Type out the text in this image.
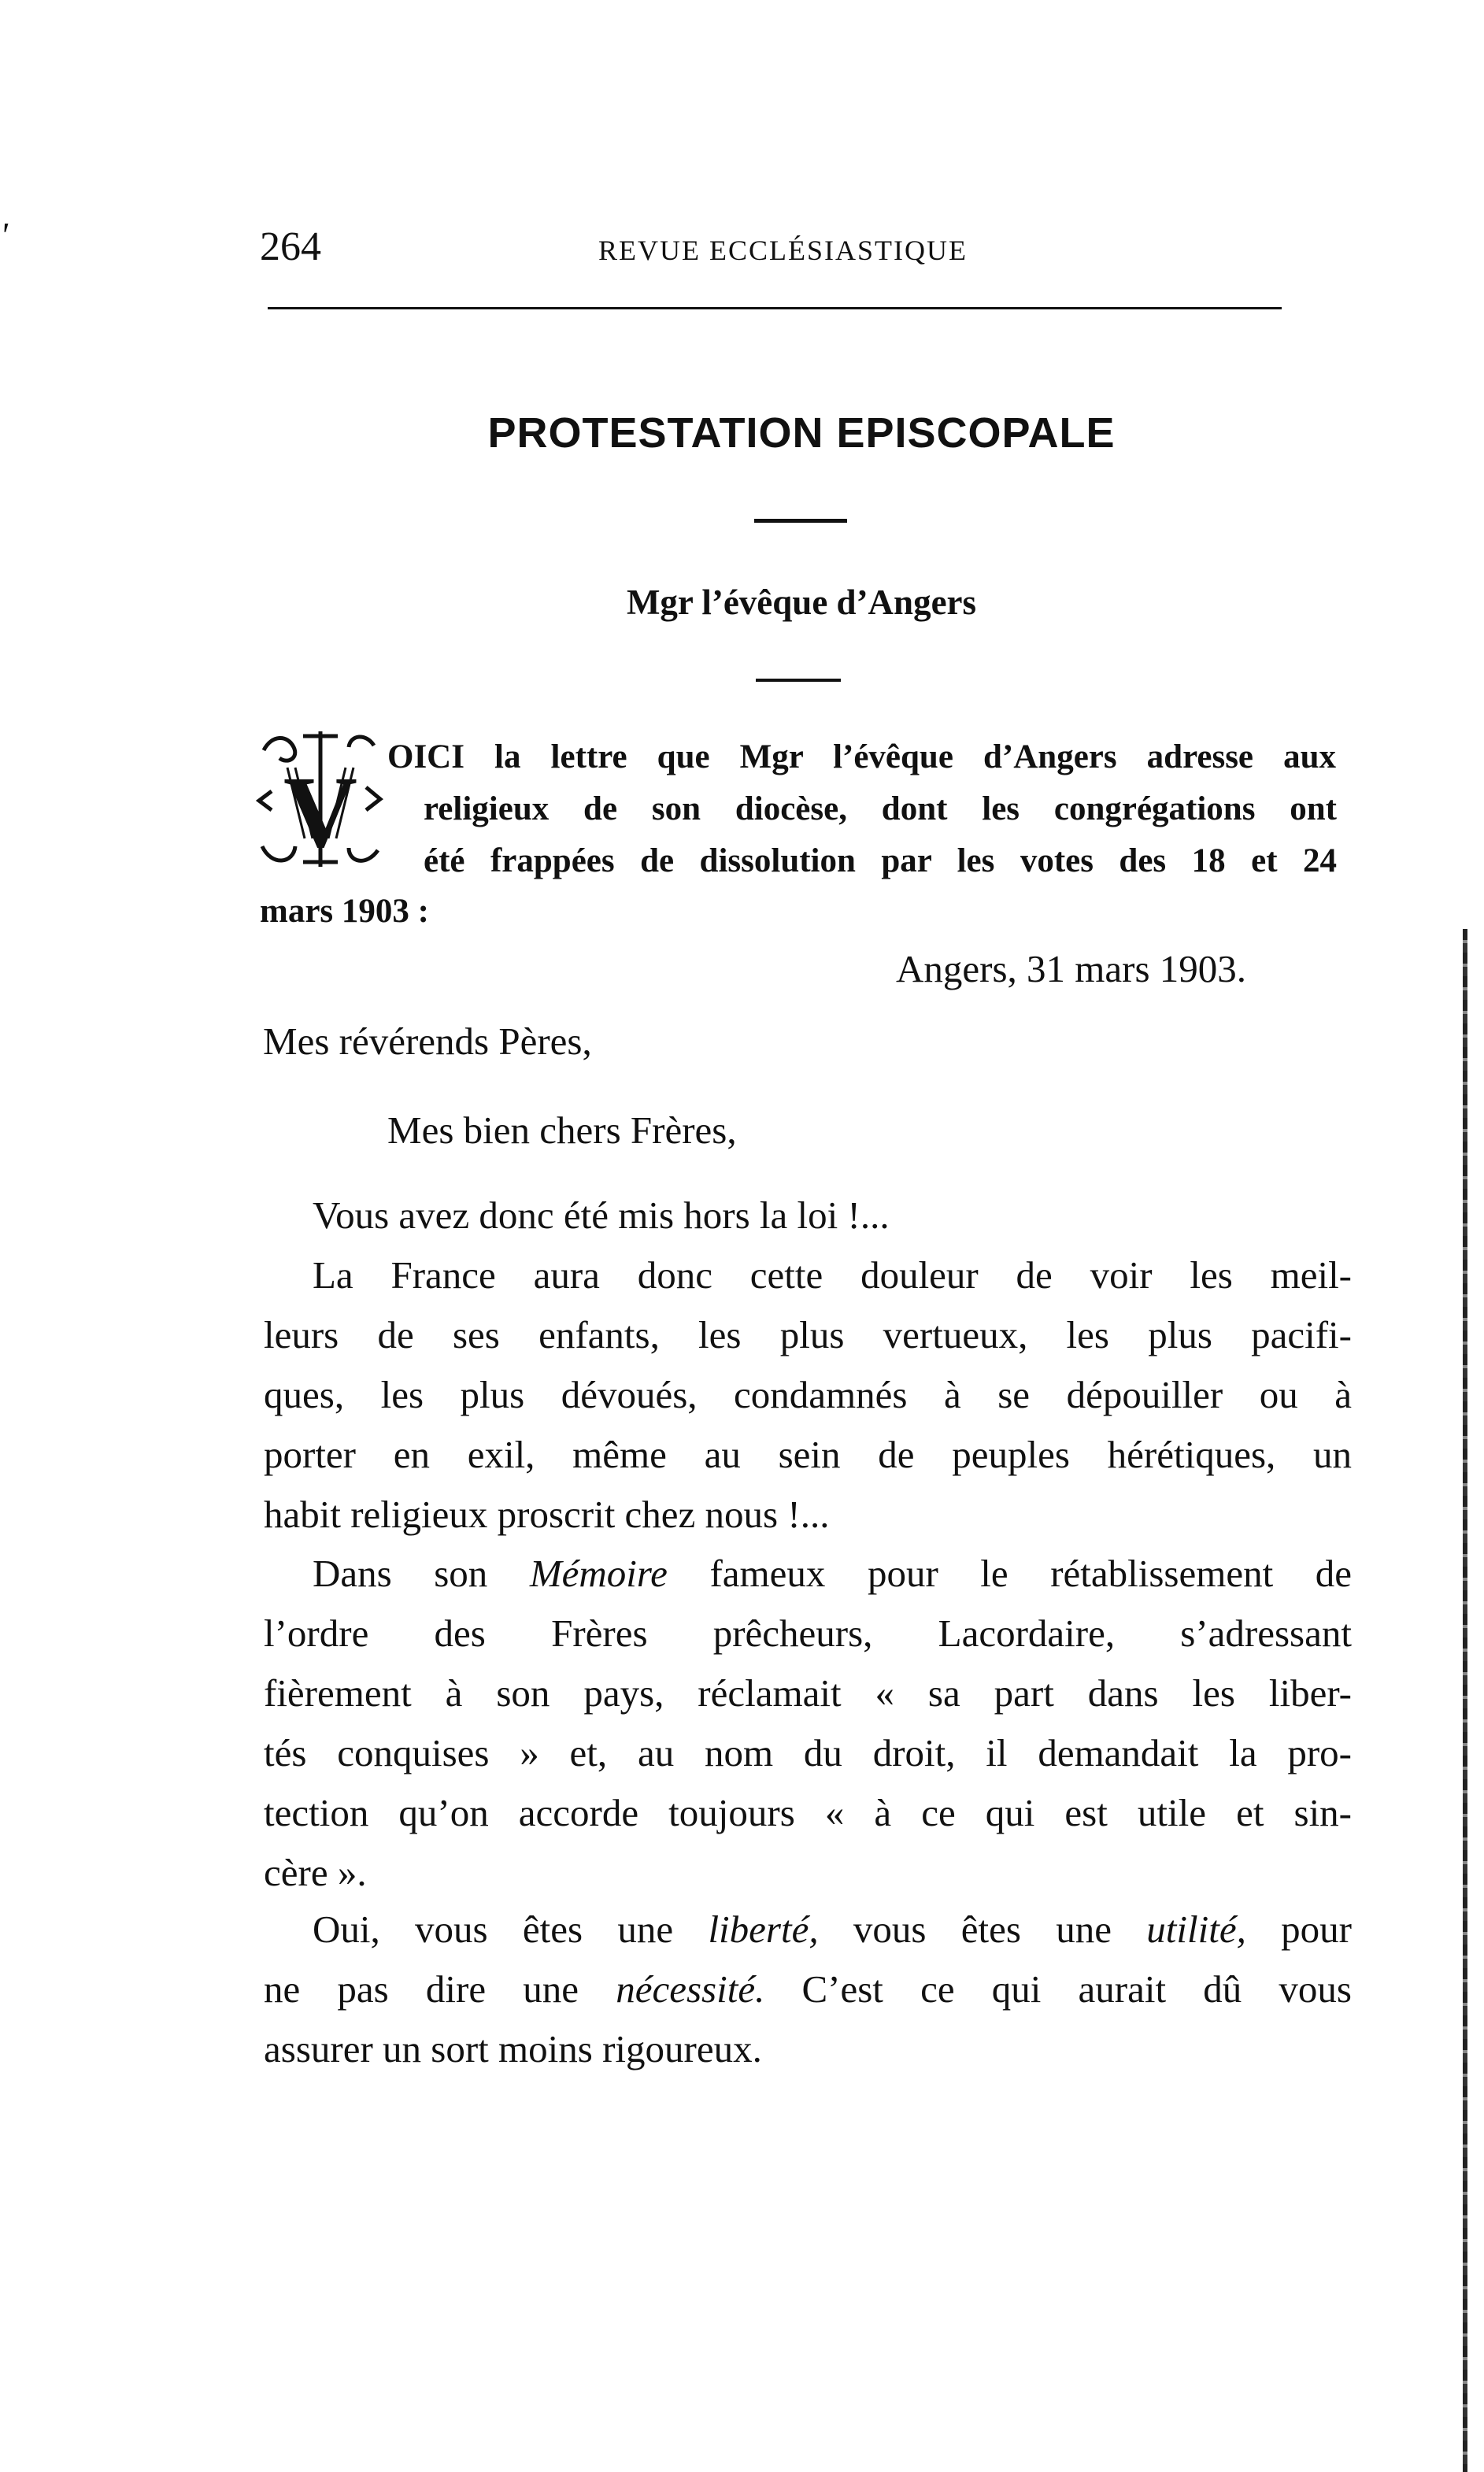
'	264	REVUE ECCLÉSIASTIQUE
PROTESTATION EPISCOPALE
Mgr l’évêque d’Angers
V OICI la lettre que Mgr l’évêque d’Angers adresse aux
religieux de son diocèse, dont les congrégations ont
été frappées de dissolution par les votes des 18 et 24
mars 1903 :
Angers, 31 mars 1903.
Mes révérends Pères,
Mes bien chers Frères,
Vous avez donc été mis hors la loi !...
La France aura donc cette douleur de voir les meil-
leurs de ses enfants, les plus vertueux, les plus pacifi-
ques, les plus dévoués, condamnés à se dépouiller ou à
porter en exil, même au sein de peuples hérétiques, un
habit religieux proscrit chez nous !...
Dans son Mémoire fameux pour le rétablissement de
l’ordre des Frères prêcheurs, Lacordaire, s’adressant
fièrement à son pays, réclamait « sa part dans les liber-
tés conquises » et, au nom du droit, il demandait la pro-
tection qu’on accorde toujours « à ce qui est utile et sin-
cère ».
Oui, vous êtes une liberté, vous êtes une utilité, pour
ne pas dire une nécessité. C’est ce qui aurait dû vous
assurer un sort moins rigoureux.
